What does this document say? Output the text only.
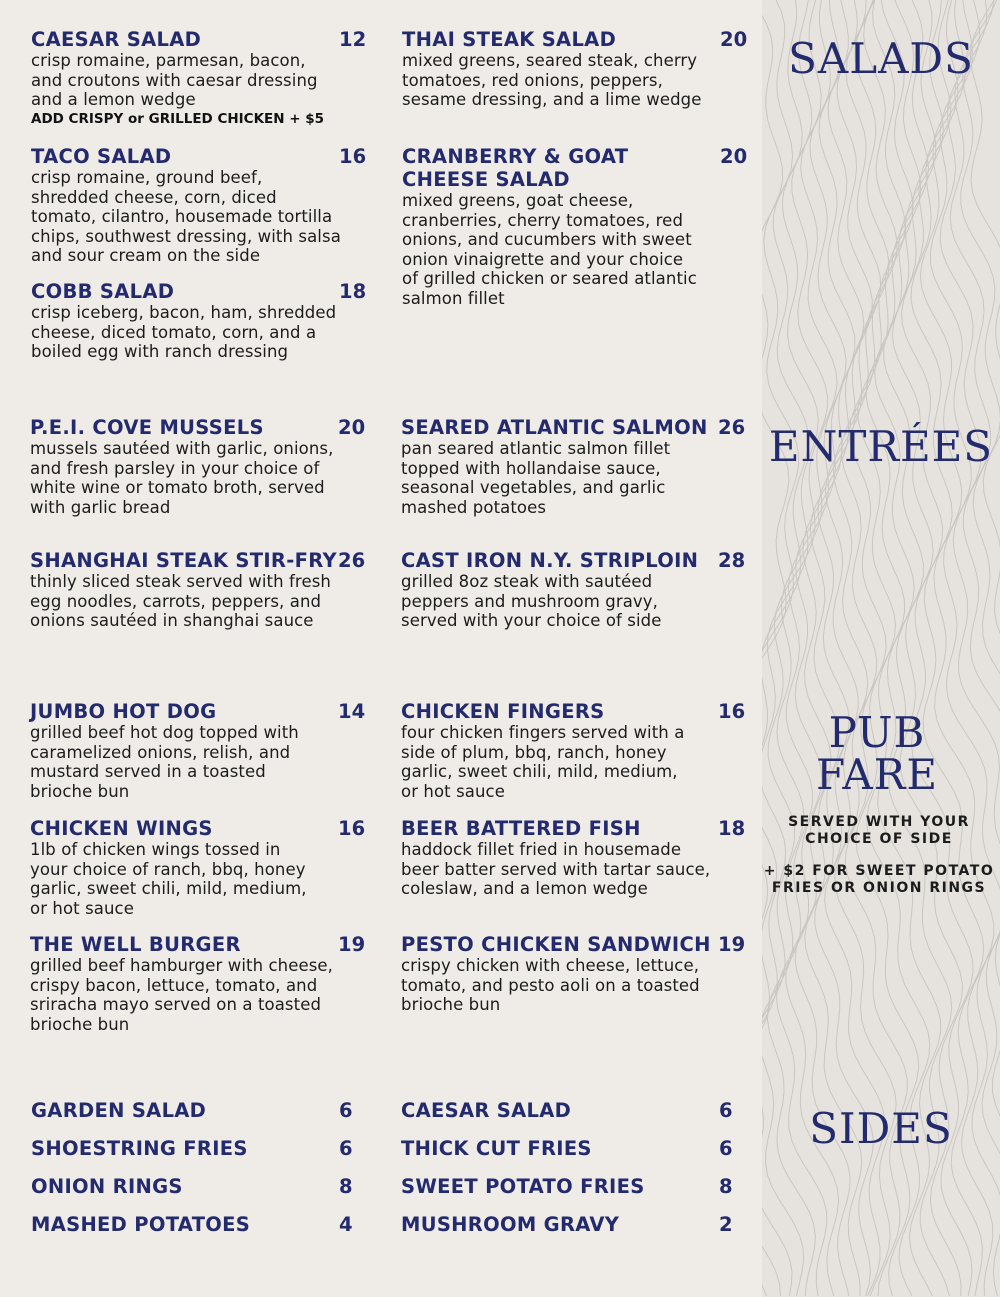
SALADS
ENTRÉES
PUB
FARE
SERVED WITH YOUR
CHOICE OF SIDE
+ $2 FOR SWEET POTATO
FRIES OR ONION RINGS
SIDES
CAESAR SALAD	12
crisp romaine, parmesan, bacon, and croutons with caesar dressing and a lemon wedge
ADD CRISPY or GRILLED CHICKEN + $5
THAI STEAK SALAD	20
mixed greens, seared steak, cherry tomatoes, red onions, peppers, sesame dressing, and a lime wedge
TACO SALAD	16
crisp romaine, ground beef, shredded cheese, corn, diced tomato, cilantro, housemade tortilla chips, southwest dressing, with salsa and sour cream on the side
CRANBERRY & GOAT CHEESE SALAD
20
mixed greens, goat cheese, cranberries, cherry tomatoes, red onions, and cucumbers with sweet onion vinaigrette and your choice of grilled chicken or seared atlantic salmon fillet
COBB SALAD	18
crisp iceberg, bacon, ham, shredded cheese, diced tomato, corn, and a boiled egg with ranch dressing
P.E.I. COVE MUSSELS	20
mussels sautéed with garlic, onions, and fresh parsley in your choice of white wine or tomato broth, served with garlic bread
SEARED ATLANTIC SALMON 26
pan seared atlantic salmon fillet topped with hollandaise sauce, seasonal vegetables, and garlic mashed potatoes
SHANGHAI STEAK STIR-FRY 26
thinly sliced steak served with fresh egg noodles, carrots, peppers, and onions sautéed in shanghai sauce
CAST IRON N.Y. STRIPLOIN	28
grilled 8oz steak with sautéed peppers and mushroom gravy, served with your choice of side
JUMBO HOT DOG	14
grilled beef hot dog topped with caramelized onions, relish, and mustard served in a toasted brioche bun
CHICKEN FINGERS	16
four chicken fingers served with a side of plum, bbq, ranch, honey garlic, sweet chili, mild, medium, or hot sauce
CHICKEN WINGS	16
1lb of chicken wings tossed in your choice of ranch, bbq, honey garlic, sweet chili, mild, medium, or hot sauce
BEER BATTERED FISH	18
haddock fillet fried in housemade beer batter served with tartar sauce, coleslaw, and a lemon wedge
THE WELL BURGER	19
grilled beef hamburger with cheese, crispy bacon, lettuce, tomato, and sriracha mayo served on a toasted brioche bun
PESTO CHICKEN SANDWICH 19
crispy chicken with cheese, lettuce, tomato, and pesto aoli on a toasted brioche bun
GARDEN SALAD	6 CAESAR SALAD	6
SHOESTRING FRIES	6 THICK CUT FRIES	6
ONION RINGS	8 SWEET POTATO FRIES	8
MASHED POTATOES	4 MUSHROOM GRAVY	2
